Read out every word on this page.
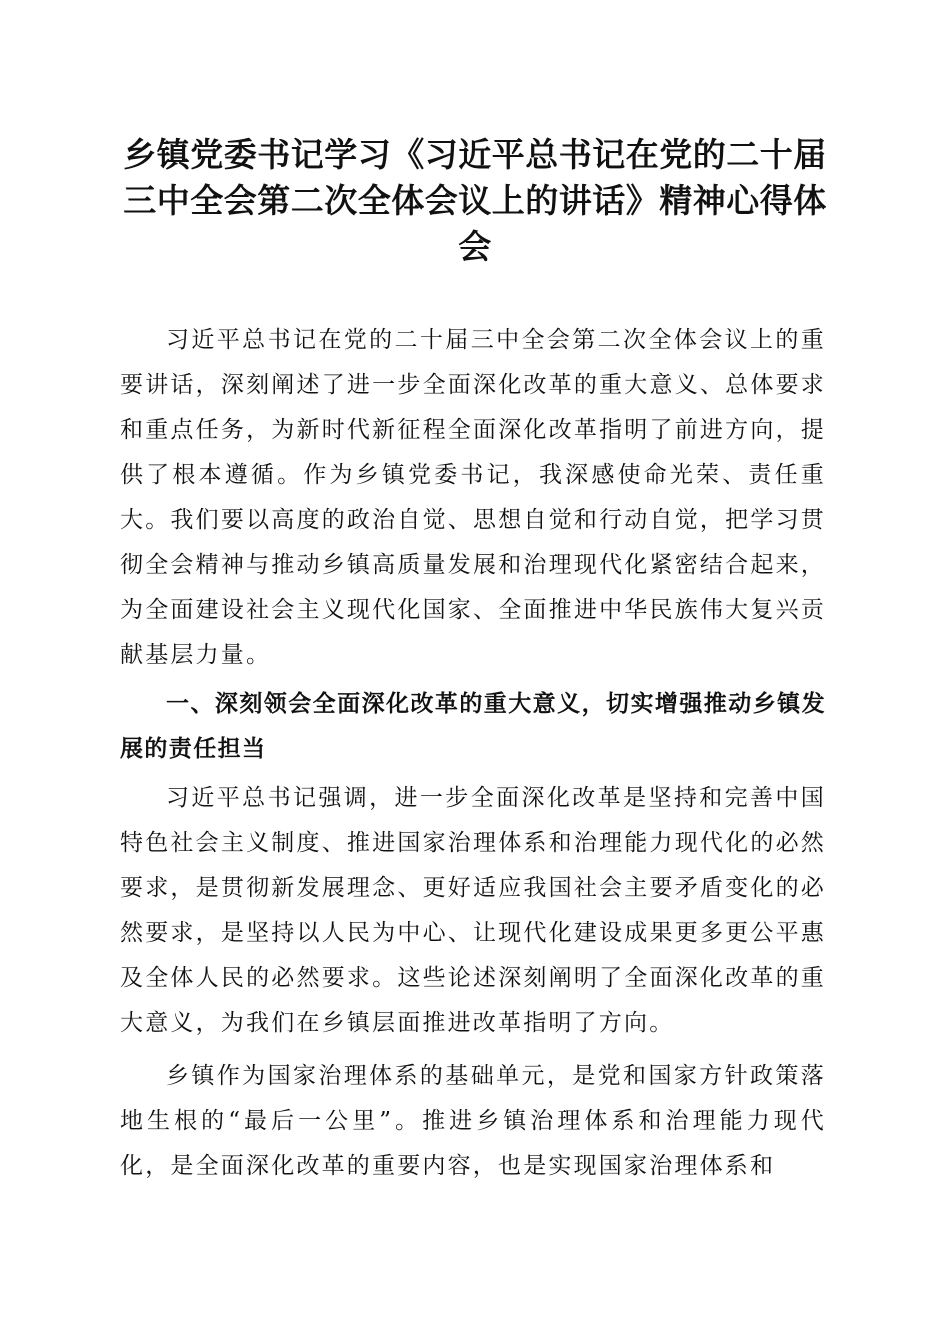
乡镇党委书记学习《习近平总书记在党的二十届三中全会第二次全体会议上的讲话》精神心得体会

习近平总书记在党的二十届三中全会第二次全体会议上的重要讲话，深刻阐述了进一步全面深化改革的重大意义、总体要求和重点任务，为新时代新征程全面深化改革指明了前进方向，提供了根本遵循。作为乡镇党委书记，我深感使命光荣、责任重大。我们要以高度的政治自觉、思想自觉和行动自觉，把学习贯彻全会精神与推动乡镇高质量发展和治理现代化紧密结合起来，为全面建设社会主义现代化国家、全面推进中华民族伟大复兴贡献基层力量。

一、深刻领会全面深化改革的重大意义，切实增强推动乡镇发展的责任担当

习近平总书记强调，进一步全面深化改革是坚持和完善中国特色社会主义制度、推进国家治理体系和治理能力现代化的必然要求，是贯彻新发展理念、更好适应我国社会主要矛盾变化的必然要求，是坚持以人民为中心、让现代化建设成果更多更公平惠及全体人民的必然要求。这些论述深刻阐明了全面深化改革的重大意义，为我们在乡镇层面推进改革指明了方向。

乡镇作为国家治理体系的基础单元，是党和国家方针政策落地生根的“最后一公里”。推进乡镇治理体系和治理能力现代化，是全面深化改革的重要内容，也是实现国家治理体系和
